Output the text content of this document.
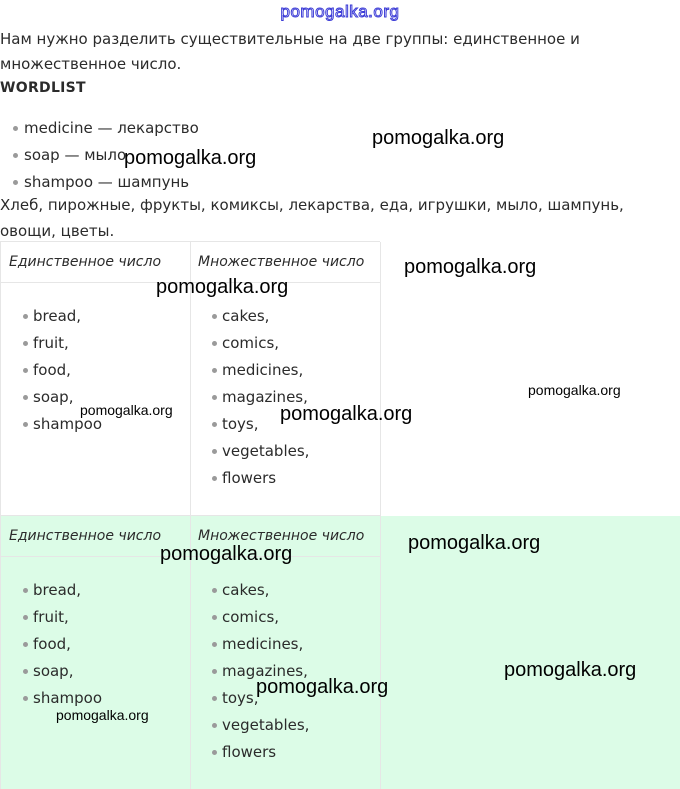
pomogalka.org

Нам нужно разделить существительные на две группы: единственное и множественное число.

WORDLIST
medicine — лекарство
soap — мыло
shampoo — шампунь

Хлеб, пирожные, фрукты, комиксы, лекарства, еда, игрушки, мыло, шампунь, овощи, цветы.

Единственное число
bread,
fruit,
food,
soap,
shampoo
Множественное число
cakes,
comics,
medicines,
magazines,
toys,
vegetables,
flowers
Единственное число
bread,
fruit,
food,
soap,
shampoo
Множественное число
cakes,
comics,
medicines,
magazines,
toys,
vegetables,
flowers
pomogalka.org
pomogalka.org
pomogalka.org
pomogalka.org
pomogalka.org
pomogalka.org	pomogalka.org
pomogalka.org
pomogalka.org
pomogalka.org
pomogalka.org
pomogalka.org
